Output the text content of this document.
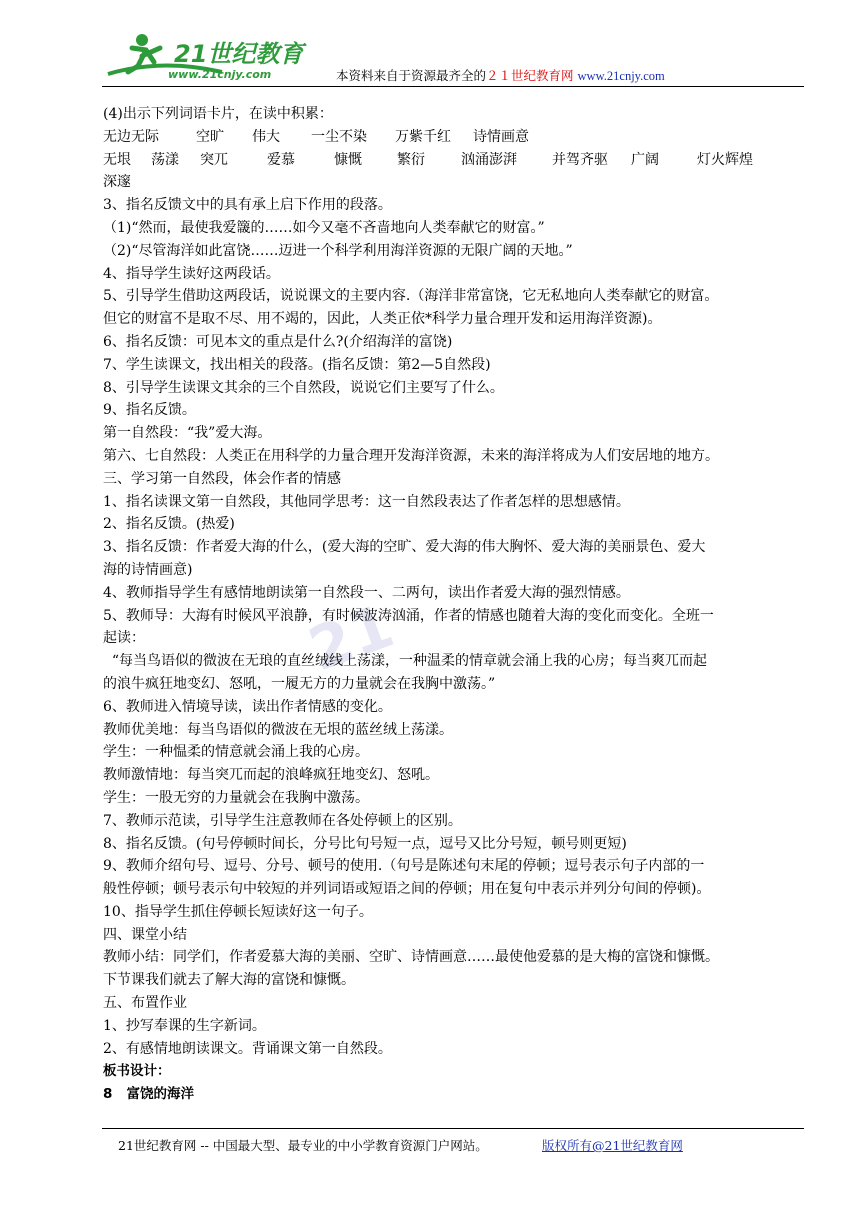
21世纪教育
www.21cnjy.com	本资料来自于资源最齐全的２１世纪教育网 www.21cnjy.com
21
(4)出示下列词语卡片，在读中积累：
无边无际	空旷 伟大 一尘不染 万紫千红 诗情画意
无垠 荡漾 突兀	爱慕	慷慨	繁衍	汹涌澎湃	并驾齐驱 广阔	灯火辉煌
深邃
3、指名反馈文中的具有承上启下作用的段落。
（1)“然而，最使我爱簚的……如今又毫不吝啬地向人类奉献它的财富。”
（2)“尽管海洋如此富饶……迈进一个科学利用海洋资源的无限广阔的天地。”
4、指导学生读好这两段话。
5、引导学生借助这两段话，说说课文的主要内容.（海洋非常富饶，它无私地向人类奉献它的财富。
但它的财富不是取不尽、用不竭的，因此，人类正依*科学力量合理开发和运用海洋资源)。
6、指名反馈：可见本文的重点是什么?(介绍海洋的富饶)
7、学生读课文，找出相关的段落。(指名反馈：第2—5自然段)
8、引导学生读课文其余的三个自然段，说说它们主要写了什么。
9、指名反馈。
第一自然段：“我”爱大海。
第六、七自然段：人类正在用科学的力量合理开发海洋资源，未来的海洋将成为人们安居地的地方。
三、学习第一自然段，体会作者的情感
1、指名读课文第一自然段，其他同学思考：这一自然段表达了作者怎样的思想感情。
2、指名反馈。(热爱)
3、指名反馈：作者爱大海的什么，(爱大海的空旷、爱大海的伟大胸怀、爱大海的美丽景色、爱大
海的诗情画意)
4、教师指导学生有感情地朗读第一自然段一、二两句，读出作者爱大海的强烈情感。
5、教师导：大海有时候风平浪静，有时候波涛汹涌，作者的情感也随着大海的变化而变化。全班一
起读：
“每当鸟语似的微波在无琅的直丝绒线上荡漾，一种温柔的情章就会涌上我的心房；每当爽兀而起
的浪牛疯狂地变幻、怒吼，一履无方的力量就会在我胸中激荡。”
6、教师进入情境导读，读出作者情感的变化。
教师优美地：每当鸟语似的微波在无垠的蓝丝绒上荡漾。
学生：一种愠柔的情意就会涌上我的心房。
教师激情地：每当突兀而起的浪峰疯狂地变幻、怒吼。
学生：一股无穷的力量就会在我胸中激荡。
7、教师示范读，引导学生注意教师在各处停顿上的区别。
8、指名反馈。(句号停顿时间长，分号比句号短一点，逗号又比分号短，顿号则更短)
9、教师介绍句号、逗号、分号、顿号的使用.（句号是陈述句末尾的停顿；逗号表示句子内部的一
般性停顿；顿号表示句中较短的并列词语或短语之间的停顿；用在复句中表示并列分句间的停顿)。
10、指导学生抓住停顿长短读好这一句子。
四、课堂小结
教师小结：同学们，作者爱慕大海的美丽、空旷、诗情画意……最使他爱慕的是大梅的富饶和慷慨。
下节课我们就去了解大海的富饶和慷慨。
五、布置作业
1、抄写奉课的生字新词。
2、有感情地朗读课文。背诵课文第一自然段。
板书设计：
8   富饶的海洋
21世纪教育网 -- 中国最大型、最专业的中小学教育资源门户网站。	版权所有@21世纪教育网
